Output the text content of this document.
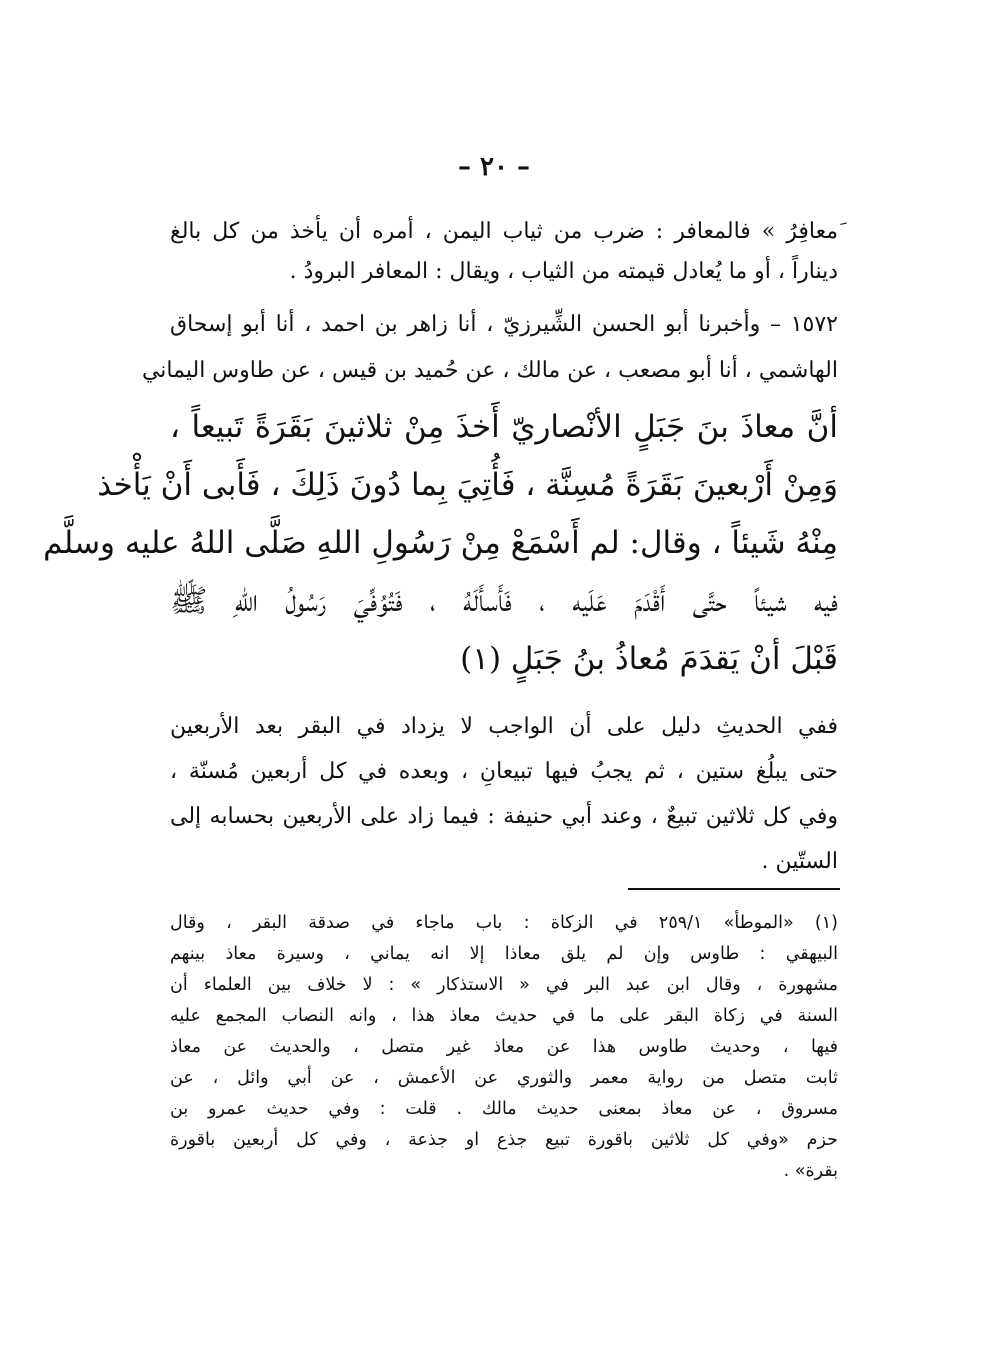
– ٢٠ –
َمعافِرُ » فالمعافر : ضرب من ثياب اليمن ، أمره أن يأخذ من كل بالغ
ديناراً ، أو ما يُعادل قيمته من الثياب ، ويقال : المعافر البرودُ .
١٥٧٢ – وأخبرنا أبو الحسن الشِّيرزيّ ، أنا زاهر بن احمد ، أنا أبو إسحاق
الهاشمي ، أنا أبو مصعب ، عن مالك ، عن حُميد بن قيس ، عن طاوس اليماني
أنَّ معاذَ بنَ جَبَلٍ الأنْصاريّ أَخذَ مِنْ ثلاثينَ بَقَرَةً تَبيعاً ،
وَمِنْ أَرْبعينَ بَقَرَةً مُسِنَّة ، فَأُتِيَ بِما دُونَ ذَلِكَ ، فَأَبى أَنْ يَأْخذ
مِنْهُ شَيئاً ، وقال: لم أَسْمَعْ مِنْ رَسُولِ اللهِ صَلَّى اللهُ عليه وسلَّم
فيه شيئاً حتَّى أَقْدَمَ عَلَيه ، فَأَسأَلَهُ ، فَتُوُفِّيَ رَسُولُ اللهِ ﷺ
قَبْلَ أنْ يَقدَمَ مُعاذُ بنُ جَبَلٍ (١)
ففي الحديثِ دليل على أن الواجب لا يزداد في البقر بعد الأربعين
حتى يبلُغ ستين ، ثم يجبُ فيها تبيعانِ ، وبعده في كل أربعين مُسنّة ،
وفي كل ثلاثين تبيعٌ ، وعند أبي حنيفة : فيما زاد على الأربعين بحسابه إلى
الستّين .
(١) «الموطأ» ٢٥٩/١ في الزكاة : باب ماجاء في صدقة البقر ، وقال
البيهقي : طاوس وإن لم يلق معاذا إلا انه يماني ، وسيرة معاذ بينهم
مشهورة ، وقال ابن عبد البر في « الاستذكار » : لا خلاف بين العلماء أن
السنة في زكاة البقر على ما في حديث معاذ هذا ، وانه النصاب المجمع عليه
فيها ، وحديث طاوس هذا عن معاذ غير متصل ، والحديث عن معاذ
ثابت متصل من رواية معمر والثوري عن الأعمش ، عن أبي وائل ، عن
مسروق ، عن معاذ بمعنى حديث مالك . قلت : وفي حديث عمرو بن
حزم «وفي كل ثلاثين باقورة تبيع جذع او جذعة ، وفي كل أربعين باقورة
بقرة» .
